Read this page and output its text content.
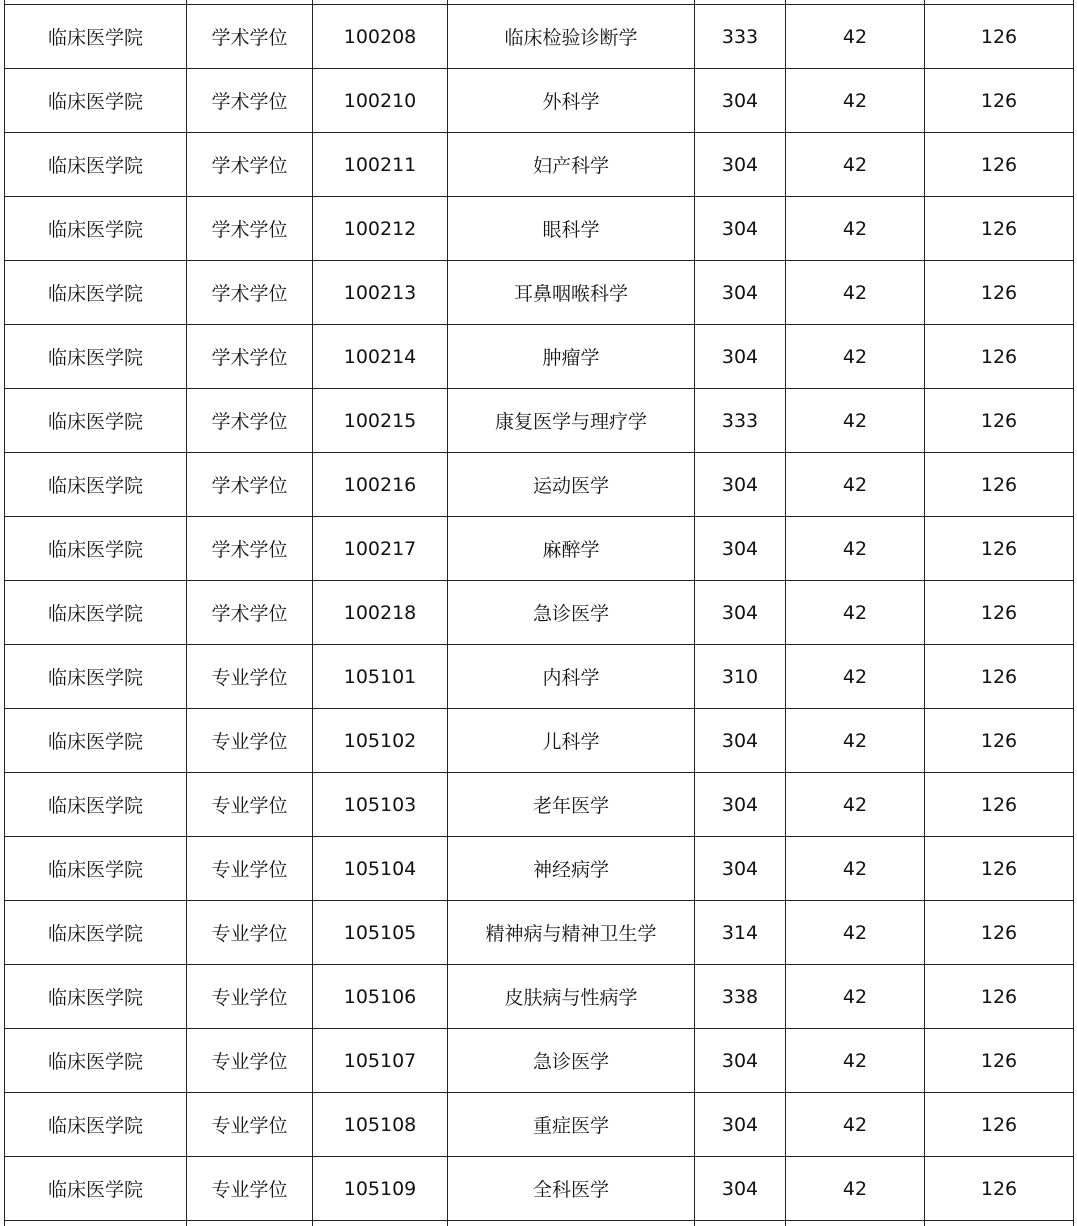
临床医学院	学术学位	100208	临床检验诊断学	333	42	126
临床医学院	学术学位	100210	外科学	304	42	126
临床医学院	学术学位	100211	妇产科学	304	42	126
临床医学院	学术学位	100212	眼科学	304	42	126
临床医学院	学术学位	100213	耳鼻咽喉科学	304	42	126
临床医学院	学术学位	100214	肿瘤学	304	42	126
临床医学院	学术学位	100215	康复医学与理疗学	333	42	126
临床医学院	学术学位	100216	运动医学	304	42	126
临床医学院	学术学位	100217	麻醉学	304	42	126
临床医学院	学术学位	100218	急诊医学	304	42	126
临床医学院	专业学位	105101	内科学	310	42	126
临床医学院	专业学位	105102	儿科学	304	42	126
临床医学院	专业学位	105103	老年医学	304	42	126
临床医学院	专业学位	105104	神经病学	304	42	126
临床医学院	专业学位	105105	精神病与精神卫生学	314	42	126
临床医学院	专业学位	105106	皮肤病与性病学	338	42	126
临床医学院	专业学位	105107	急诊医学	304	42	126
临床医学院	专业学位	105108	重症医学	304	42	126
临床医学院	专业学位	105109	全科医学	304	42	126
